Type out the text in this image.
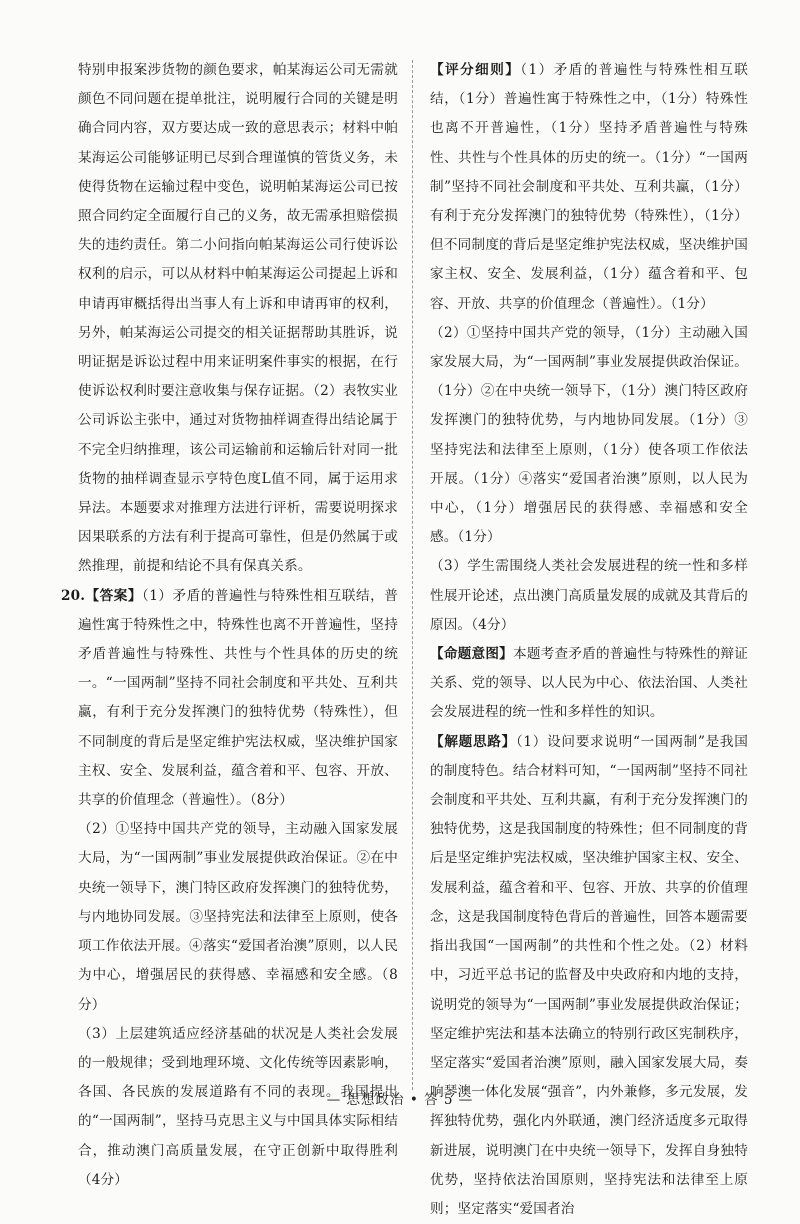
特别申报案涉货物的颜色要求，帕某海运公司无需就颜色不同问题在提单批注，说明履行合同的关键是明确合同内容，双方要达成一致的意思表示；材料中帕某海运公司能够证明已尽到合理谨慎的管货义务，未使得货物在运输过程中变色，说明帕某海运公司已按照合同约定全面履行自己的义务，故无需承担赔偿损失的违约责任。第二小问指向帕某海运公司行使诉讼权利的启示，可以从材料中帕某海运公司提起上诉和申请再审概括得出当事人有上诉和申请再审的权利，另外，帕某海运公司提交的相关证据帮助其胜诉，说明证据是诉讼过程中用来证明案件事实的根据，在行使诉讼权利时要注意收集与保存证据。（2）表牧实业公司诉讼主张中，通过对货物抽样调查得出结论属于不完全归纳推理，该公司运输前和运输后针对同一批货物的抽样调查显示亨特色度L值不同，属于运用求异法。本题要求对推理方法进行评析，需要说明探求因果联系的方法有利于提高可靠性，但是仍然属于或然推理，前提和结论不具有保真关系。

20.【答案】（1）矛盾的普遍性与特殊性相互联结，普遍性寓于特殊性之中，特殊性也离不开普遍性，坚持矛盾普遍性与特殊性、共性与个性具体的历史的统一。“一国两制”坚持不同社会制度和平共处、互利共赢，有利于充分发挥澳门的独特优势（特殊性），但不同制度的背后是坚定维护宪法权威，坚决维护国家主权、安全、发展利益，蕴含着和平、包容、开放、共享的价值理念（普遍性）。（8分）

（2）①坚持中国共产党的领导，主动融入国家发展大局，为“一国两制”事业发展提供政治保证。②在中央统一领导下，澳门特区政府发挥澳门的独特优势，与内地协同发展。③坚持宪法和法律至上原则，使各项工作依法开展。④落实“爱国者治澳”原则，以人民为中心，增强居民的获得感、幸福感和安全感。（8分）

（3）上层建筑适应经济基础的状况是人类社会发展的一般规律；受到地理环境、文化传统等因素影响，各国、各民族的发展道路有不同的表现。我国提出的“一国两制”，坚持马克思主义与中国具体实际相结合，推动澳门高质量发展，在守正创新中取得胜利（4分）

【评分细则】（1）矛盾的普遍性与特殊性相互联结，（1分）普遍性寓于特殊性之中，（1分）特殊性也离不开普遍性，（1分）坚持矛盾普遍性与特殊性、共性与个性具体的历史的统一。（1分）“一国两制”坚持不同社会制度和平共处、互利共赢，（1分）有利于充分发挥澳门的独特优势（特殊性），（1分）但不同制度的背后是坚定维护宪法权威，坚决维护国家主权、安全、发展利益，（1分）蕴含着和平、包容、开放、共享的价值理念（普遍性）。（1分）

（2）①坚持中国共产党的领导，（1分）主动融入国家发展大局，为“一国两制”事业发展提供政治保证。（1分）②在中央统一领导下，（1分）澳门特区政府发挥澳门的独特优势，与内地协同发展。（1分）③坚持宪法和法律至上原则，（1分）使各项工作依法开展。（1分）④落实“爱国者治澳”原则，以人民为中心，（1分）增强居民的获得感、幸福感和安全感。（1分）

（3）学生需围绕人类社会发展进程的统一性和多样性展开论述，点出澳门高质量发展的成就及其背后的原因。（4分）

【命题意图】本题考查矛盾的普遍性与特殊性的辩证关系、党的领导、以人民为中心、依法治国、人类社会发展进程的统一性和多样性的知识。

【解题思路】（1）设问要求说明“一国两制”是我国的制度特色。结合材料可知，“一国两制”坚持不同社会制度和平共处、互利共赢，有利于充分发挥澳门的独特优势，这是我国制度的特殊性；但不同制度的背后是坚定维护宪法权威，坚决维护国家主权、安全、发展利益，蕴含着和平、包容、开放、共享的价值理念，这是我国制度特色背后的普遍性，回答本题需要指出我国“一国两制”的共性和个性之处。（2）材料中，习近平总书记的监督及中央政府和内地的支持，说明党的领导为“一国两制”事业发展提供政治保证；坚定维护宪法和基本法确立的特别行政区宪制秩序，坚定落实“爱国者治澳”原则，融入国家发展大局，奏响琴澳一体化发展“强音”，内外兼修，多元发展，发挥独特优势，强化内外联通，澳门经济适度多元取得新进展，说明澳门在中央统一领导下，发挥自身独特优势，坚持依法治国原则，坚持宪法和法律至上原则；坚定落实“爱国者治

— 思想政治 • 答 5 —
